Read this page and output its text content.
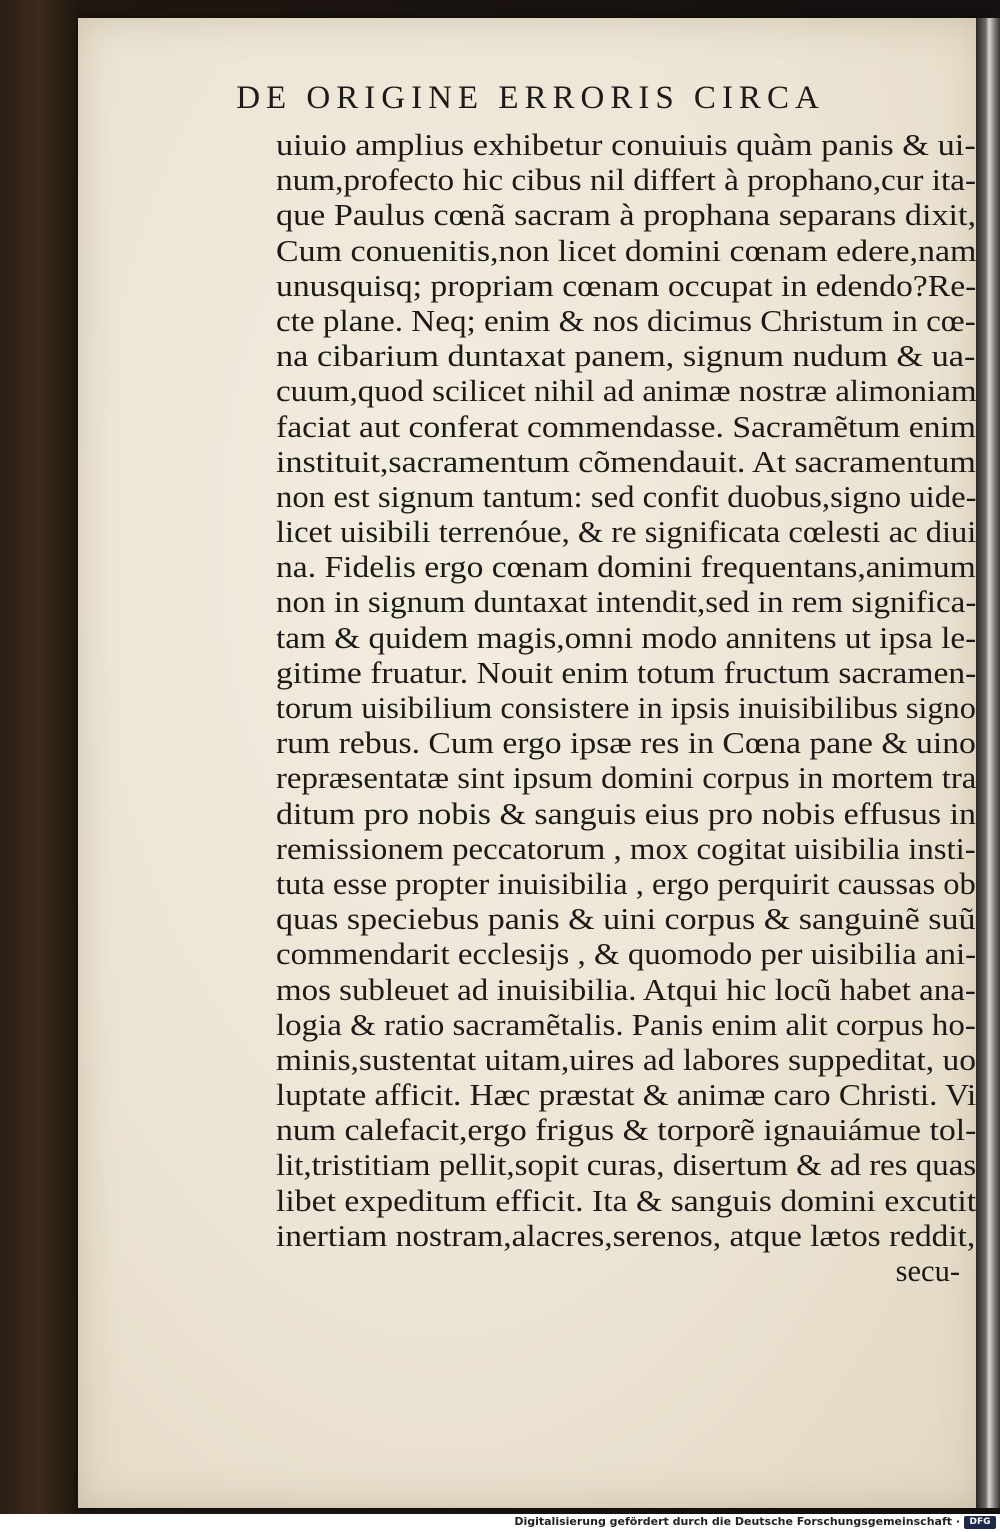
DE ORIGINE ERRORIS CIRCA
uiuio amplius exhibetur conuiuis quàm panis & ui-
num,profecto hic cibus nil differt à prophano,cur ita-
que Paulus cœnã sacram à prophana separans dixit,
Cum conuenitis,non licet domini cœnam edere,nam
unusquisq; propriam cœnam occupat in edendo?Re-
cte plane. Neq; enim & nos dicimus Christum in cœ-
na cibarium duntaxat panem, signum nudum & ua-
cuum,quod scilicet nihil ad animæ nostræ alimoniam
faciat aut conferat commendasse. Sacramẽtum enim
instituit,sacramentum cõmendauit. At sacramentum
non est signum tantum: sed confit duobus,signo uide-
licet uisibili terrenóue, & re significata cœlesti ac diui
na. Fidelis ergo cœnam domini frequentans,animum
non in signum duntaxat intendit,sed in rem significa-
tam & quidem magis,omni modo annitens ut ipsa le-
gitime fruatur. Nouit enim totum fructum sacramen-
torum uisibilium consistere in ipsis inuisibilibus signo
rum rebus. Cum ergo ipsæ res in Cœna pane & uino
repræsentatæ sint ipsum domini corpus in mortem tra
ditum pro nobis & sanguis eius pro nobis effusus in
remissionem peccatorum , mox cogitat uisibilia insti-
tuta esse propter inuisibilia , ergo perquirit caussas ob
quas speciebus panis & uini corpus & sanguinẽ suũ
commendarit ecclesijs , & quomodo per uisibilia ani-
mos subleuet ad inuisibilia. Atqui hic locũ habet ana-
logia & ratio sacramẽtalis. Panis enim alit corpus ho-
minis,sustentat uitam,uires ad labores suppeditat, uo
luptate afficit. Hæc præstat & animæ caro Christi. Vi
num calefacit,ergo frigus & torporẽ ignauiámue tol-
lit,tristitiam pellit,sopit curas, disertum & ad res quas
libet expeditum efficit. Ita & sanguis domini excutit
inertiam nostram,alacres,serenos, atque lætos reddit,
secu-
Digitalisierung gefördert durch die Deutsche Forschungsgemeinschaft ·	DFG
